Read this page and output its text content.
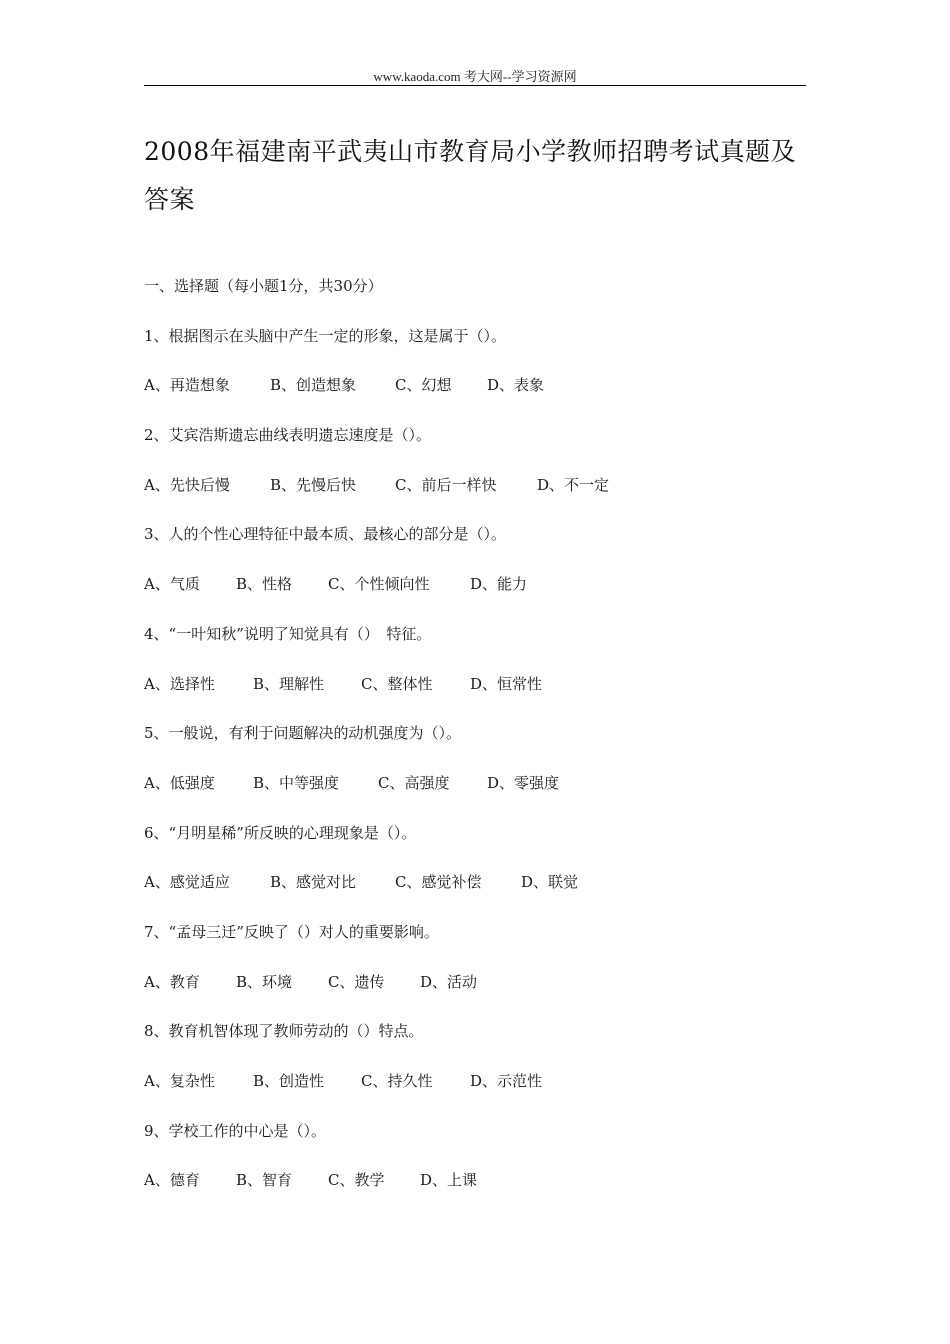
www.kaoda.com 考大网--学习资源网
2008年福建南平武夷山市教育局小学教师招聘考试真题及答案
一、选择题（每小题1分，共30分）
1、根据图示在头脑中产生一定的形象，这是属于（）。
A、再造想象	B、创造想象	C、幻想 D、表象
2、艾宾浩斯遗忘曲线表明遗忘速度是（）。
A、先快后慢	B、先慢后快	C、前后一样快	D、不一定
3、人的个性心理特征中最本质、最核心的部分是（）。
A、气质 B、性格 C、个性倾向性	D、能力
4、“一叶知秋”说明了知觉具有（）　特征。
A、选择性	B、理解性 C、整体性	D、恒常性
5、一般说，有利于问题解决的动机强度为（）。
A、低强度	B、中等强度	C、高强度	D、零强度
6、“月明星稀”所反映的心理现象是（）。
A、感觉适应	B、感觉对比	C、感觉补偿	D、联觉
7、“孟母三迁”反映了（）对人的重要影响。
A、教育 B、环境 C、遗传 D、活动
8、教育机智体现了教师劳动的（）特点。
A、复杂性	B、创造性 C、持久性	D、示范性
9、学校工作的中心是（）。
A、德育 B、智育 C、教学 D、上课
